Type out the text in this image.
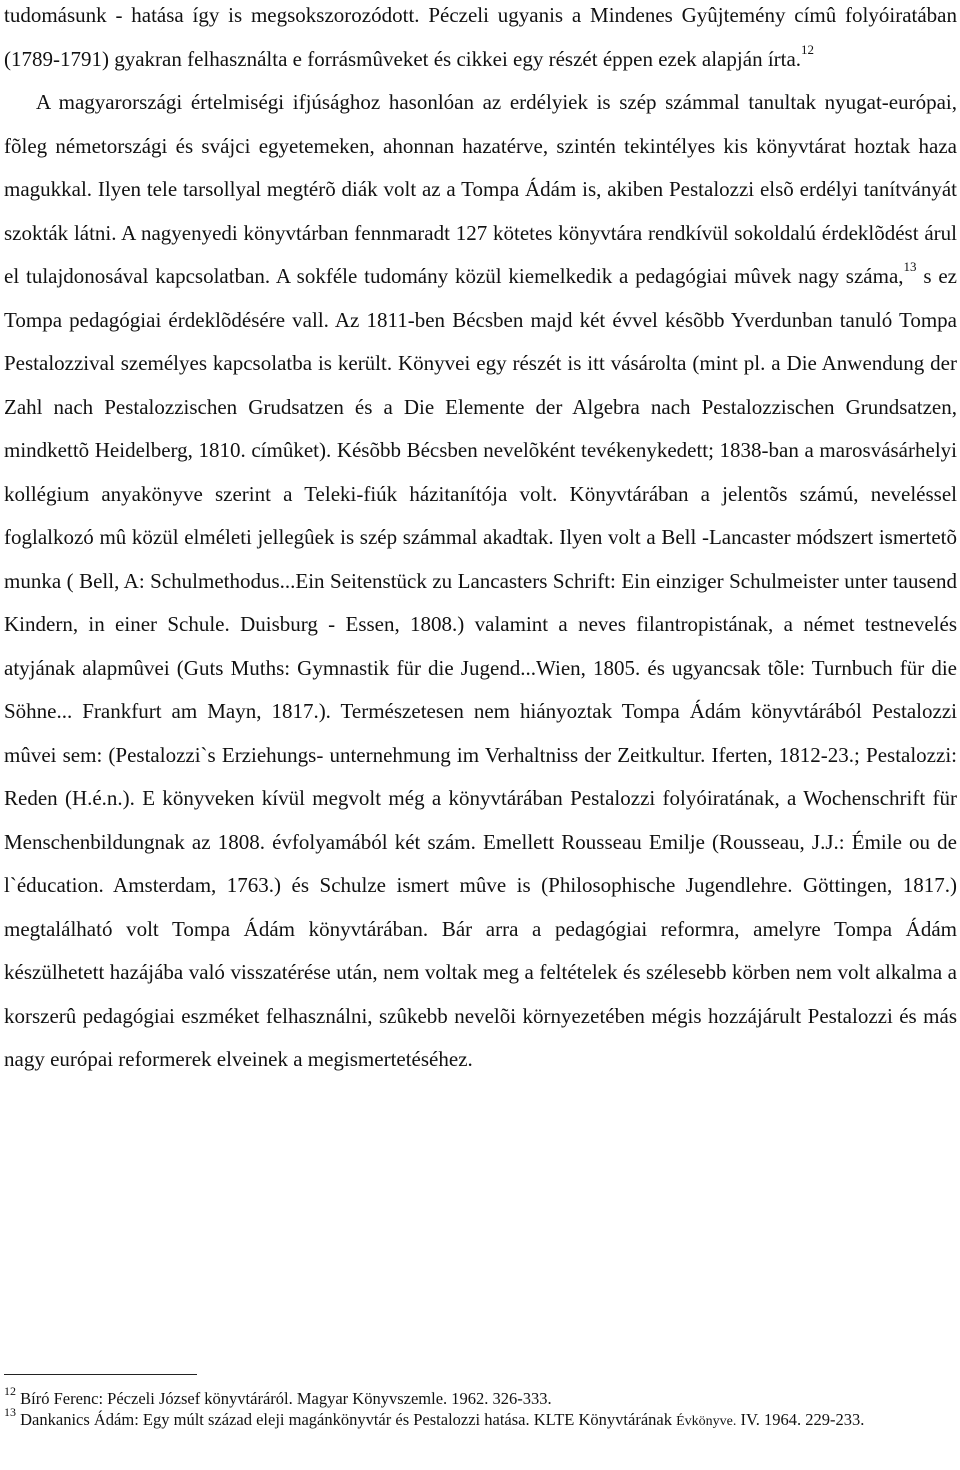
tudomásunk - hatása így is megsokszorozódott. Péczeli ugyanis a Mindenes Gyûjtemény címû folyóiratában (1789-1791) gyakran felhasználta e forrásmûveket és cikkei egy részét éppen ezek alapján írta.$^{12}$

A magyarországi értelmiségi ifjúsághoz hasonlóan az erdélyiek is szép számmal tanultak nyugat-európai, fõleg németországi és svájci egyetemeken, ahonnan hazatérve, szintén tekintélyes kis könyvtárat hoztak haza magukkal. Ilyen tele tarsollyal megtérõ diák volt az a Tompa Ádám is, akiben Pestalozzi elsõ erdélyi tanítványát szokták látni. A nagyenyedi könyvtárban fennmaradt 127 kötetes könyvtára rendkívül sokoldalú érdeklõdést árul el tulajdonosával kapcsolatban. A sokféle tudomány közül kiemelkedik a pedagógiai mûvek nagy száma,$^{13}$ s ez Tompa pedagógiai érdeklõdésére vall. Az 1811-ben Bécsben majd két évvel késõbb Yverdunban tanuló Tompa Pestalozzival személyes kapcsolatba is került. Könyvei egy részét is itt vásárolta (mint pl. a Die Anwendung der Zahl nach Pestalozzischen Grudsatzen és a Die Elemente der Algebra nach Pestalozzischen Grundsatzen, mindkettõ Heidelberg, 1810. címûket). Késõbb Bécsben nevelõként tevékenykedett; 1838-ban a marosvásárhelyi kollégium anyakönyve szerint a Teleki-fiúk házitanítója volt. Könyvtárában a jelentõs számú, neveléssel foglalkozó mû közül elméleti jellegûek is szép számmal akadtak. Ilyen volt a Bell -Lancaster módszert ismertetõ munka ( Bell, A: Schulmethodus...Ein Seitenstück zu Lancasters Schrift: Ein einziger Schulmeister unter tausend Kindern, in einer Schule. Duisburg - Essen, 1808.) valamint a neves filantropistának, a német testnevelés atyjának alapmûvei (Guts Muths: Gymnastik für die Jugend...Wien, 1805. és ugyancsak tõle: Turnbuch für die Söhne... Frankfurt am Mayn, 1817.). Természetesen nem hiányoztak Tompa Ádám könyvtárából Pestalozzi mûvei sem: (Pestalozzi`s Erziehungs- unternehmung im Verhaltniss der Zeitkultur. Iferten, 1812-23.; Pestalozzi: Reden (H.é.n.). E könyveken kívül megvolt még a könyvtárában Pestalozzi folyóiratának, a Wochenschrift für Menschenbildungnak az 1808. évfolyamából két szám. Emellett Rousseau Emilje (Rousseau, J.J.: Émile ou de l`éducation. Amsterdam, 1763.) és Schulze ismert mûve is (Philosophische Jugendlehre. Göttingen, 1817.) megtalálható volt Tompa Ádám könyvtárában. Bár arra a pedagógiai reformra, amelyre Tompa Ádám készülhetett hazájába való visszatérése után, nem voltak meg a feltételek és szélesebb körben nem volt alkalma a korszerû pedagógiai eszméket felhasználni, szûkebb nevelõi környezetében mégis hozzájárult Pestalozzi és más nagy európai reformerek elveinek a megismertetéséhez.

$^{12}$ Bíró Ferenc: Péczeli József könyvtáráról. Magyar Könyvszemle. 1962. 326-333.

$^{13}$ Dankanics Ádám: Egy múlt század eleji magánkönyvtár és Pestalozzi hatása. KLTE Könyvtárának Évkönyve. IV. 1964. 229-233.
